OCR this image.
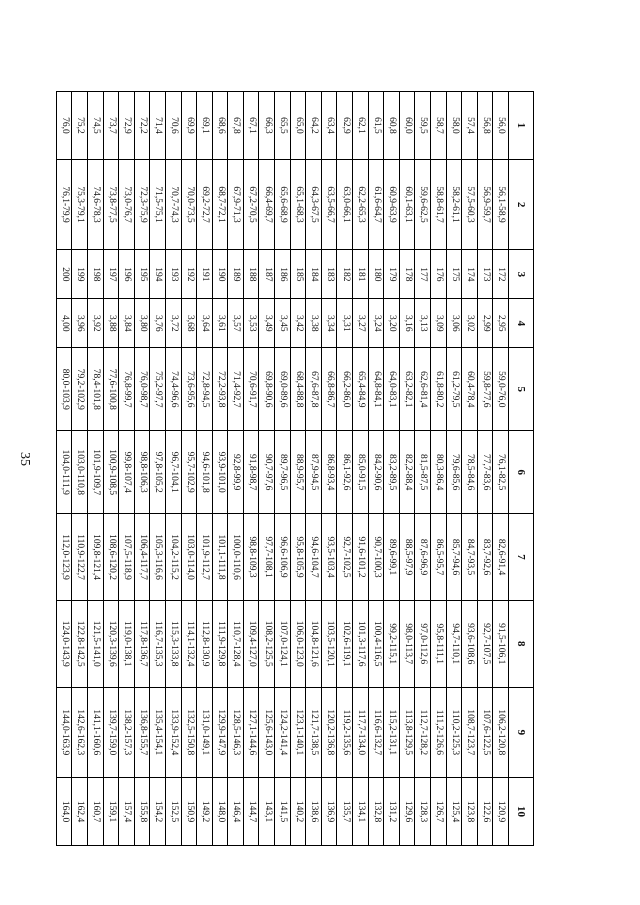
35
1	2	3	4	5	6	7	8	9	10
56,0	56,1-58,9	172	2,95	59,0-76,0	76,1-82,5	82,6-91,4	91,5-106,1	106,2-120,8	120,9
56,8	56,9-59,7	173	2,99	59,8-77,6	77,7-83,6	83,7-92,6	92,7-107,5	107,6-122,5	122,6
57,4	57,5-60,3	174	3,02	60,4-78,4	78,5-84,6	84,7-93,5	93,6-108,6	108,7-123,7	123,8
58,0	58,2-61,1	175	3,06	61,2-79,5	79,6-85,6	85,7-94,6	94,7-110,1	110,2-125,3	125,4
58,7	58,8-61,7	176	3,09	61,8-80,2	80,3-86,4	86,5-95,7	95,8-111,1	111,2-126,6	126,7
59,5	59,6-62,5	177	3,13	62,6-81,4	81,5-87,5	87,6-96,9	97,0-112,6	112,7-128,2	128,3
60,0	60,1-63,1	178	3,16	63,2-82,1	82,2-88,4	88,5-97,9	98,0-113,7	113,8-129,5	129,6
60,8	60,9-63,9	179	3,20	64,0-83,1	83,2-89,5	89,6-99,1	99,2-115,1	115,2-131,1	131,2
61,5	61,6-64,7	180	3,24	64,8-84,1	84,2-90,6	90,7-100,3	100,4-116,5	116,6-132,7	132,8
62,1	62,2-65,3	181	3,27	65,4-84,9	85,0-91,5	91,6-101,2	101,3-117,6	117,7-134,0	134,1
62,9	63,0-66,1	182	3,31	66,2-86,0	86,1-92,6	92,7-102,5	102,6-119,1	119,2-135,6	135,7
63,4	63,5-66,7	183	3,34	66,8-86,7	86,8-93,4	93,5-103,4	103,5-120,1	120,2-136,8	136,9
64,2	64,3-67,5	184	3,38	67,6-87,8	87,9-94,5	94,6-104,7	104,8-121,6	121,7-138,5	138,6
65,0	65,1-68,3	185	3,42	68,4-88,8	88,9-95,7	95,8-105,9	106,0-123,0	123,1-140,1	140,2
65,5	65,6-68,9	186	3,45	69,0-89,6	89,7-96,5	96,6-106,9	107,0-124,1	124,2-141,4	141,5
66,3	66,4-69,7	187	3,49	69,8-90,6	90,7-97,6	97,7-108,1	108,2-125,5	125,6-143,0	143,1
67,1	67,2-70,5	188	3,53	70,6-91,7	91,8-98,7	98,8-109,3	109,4-127,0	127,1-144,6	144,7
67,8	67,9-71,3	189	3,57	71,4-92,7	92,8-99,9	100,0-110,6	110,7-128,4	128,5-146,3	146,4
68,6	68,7-72,1	190	3,61	72,2-93,8	93,9-101,0	101,1-111,8	111,9-129,8	129,9-147,9	148,0
69,1	69,2-72,7	191	3,64	72,8-94,5	94,6-101,8	101,9-112,7	112,8-130,9	131,0-149,1	149,2
69,9	70,0-73,5	192	3,68	73,6-95,6	95,7-102,9	103,0-114,0	114,1-132,4	132,5-150,8	150,9
70,6	70,7-74,3	193	3,72	74,4-96,6	96,7-104,1	104,2-115,2	115,3-133,8	133,9-152,4	152,5
71,4	71,5-75,1	194	3,76	75,2-97,7	97,8-105,2	105,3-116,6	116,7-135,3	135,4-154,1	154,2
72,2	72,3-75,9	195	3,80	76,0-98,7	98,8-106,3	106,4-117,7	117,8-136,7	136,8-155,7	155,8
72,9	73,0-76,7	196	3,84	76,8-99,7	99,8-107,4	107,5-118,9	119,0-138,1	138,2-157,3	157,4
73,7	73,8-77,5	197	3,88	77,6-100,8	100,9-108,5	108,6-120,2	120,3-139,6	139,7-159,0	159,1
74,5	74,6-78,3	198	3,92	78,4-101,8	101,9-109,7	109,8-121,4	121,5-141,0	141,1-160,6	160,7
75,2	75,3-79,1	199	3,96	79,2-102,9	103,0-110,8	110,9-122,7	122,8-142,5	142,6-162,3	162,4
76,0	76,1-79,9	200	4,00	80,0-103,9	104,0-111,9	112,0-123,9	124,0-143,9	144,0-163,9	164,0
